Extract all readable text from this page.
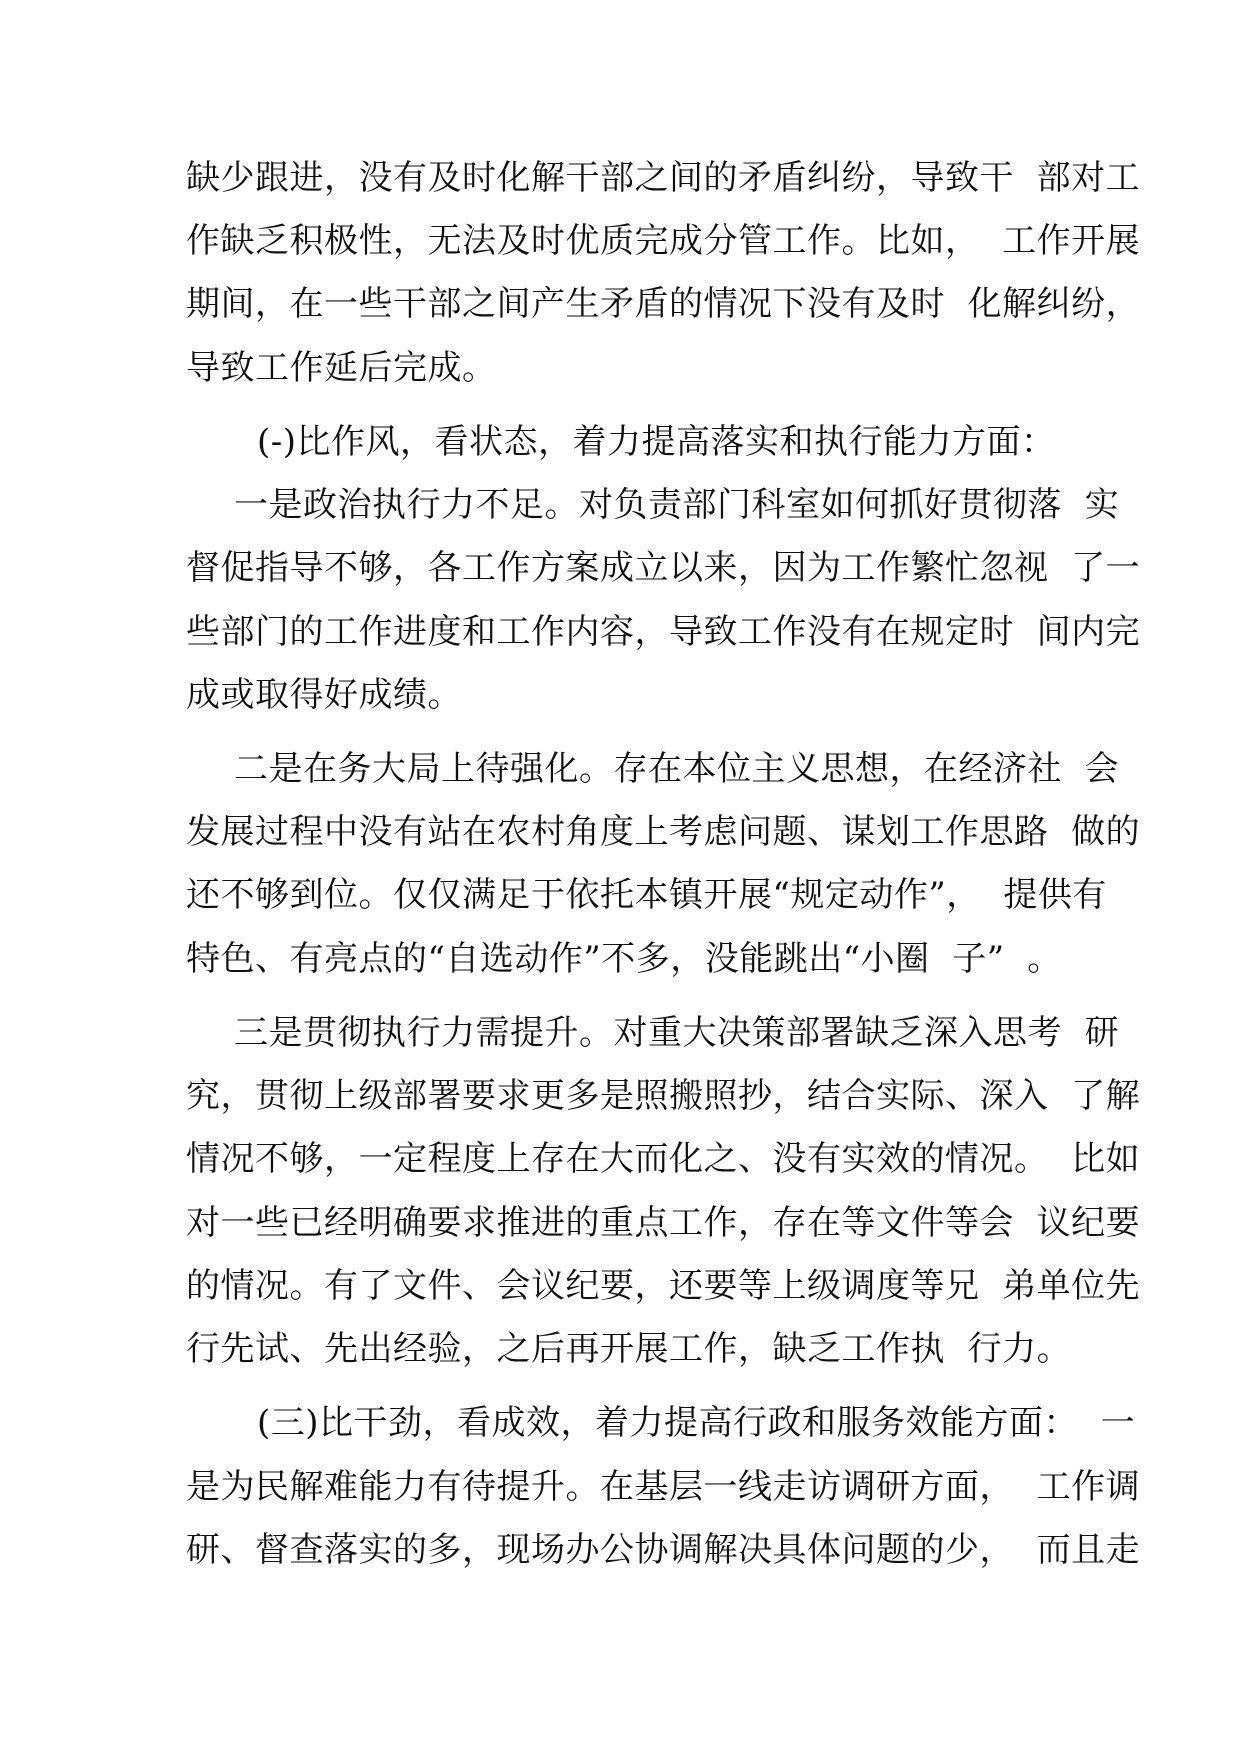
缺少跟进，没有及时化解干部之间的矛盾纠纷，导致干  部对工
作缺乏积极性，无法及时优质完成分管工作。比如，  工作开展
期间，在一些干部之间产生矛盾的情况下没有及时  化解纠纷，
导致工作延后完成。
(-)比作风，看状态，着力提高落实和执行能力方面：
一是政治执行力不足。对负责部门科室如何抓好贯彻落  实
督促指导不够，各工作方案成立以来，因为工作繁忙忽视  了一
些部门的工作进度和工作内容，导致工作没有在规定时  间内完
成或取得好成绩。
二是在务大局上待强化。存在本位主义思想，在经济社  会
发展过程中没有站在农村角度上考虑问题、谋划工作思路  做的
还不够到位。仅仅满足于依托本镇开展“规定动作”，  提供有
特色、有亮点的“自选动作”不多，没能跳出“小圈  子”  。
三是贯彻执行力需提升。对重大决策部署缺乏深入思考  研
究，贯彻上级部署要求更多是照搬照抄，结合实际、深入  了解
情况不够，一定程度上存在大而化之、没有实效的情况。  比如
对一些已经明确要求推进的重点工作，存在等文件等会  议纪要
的情况。有了文件、会议纪要，还要等上级调度等兄  弟单位先
行先试、先出经验，之后再开展工作，缺乏工作执  行力。
(三)比干劲，看成效，着力提高行政和服务效能方面：  一
是为民解难能力有待提升。在基层一线走访调研方面，  工作调
研、督查落实的多，现场办公协调解决具体问题的少，  而且走
